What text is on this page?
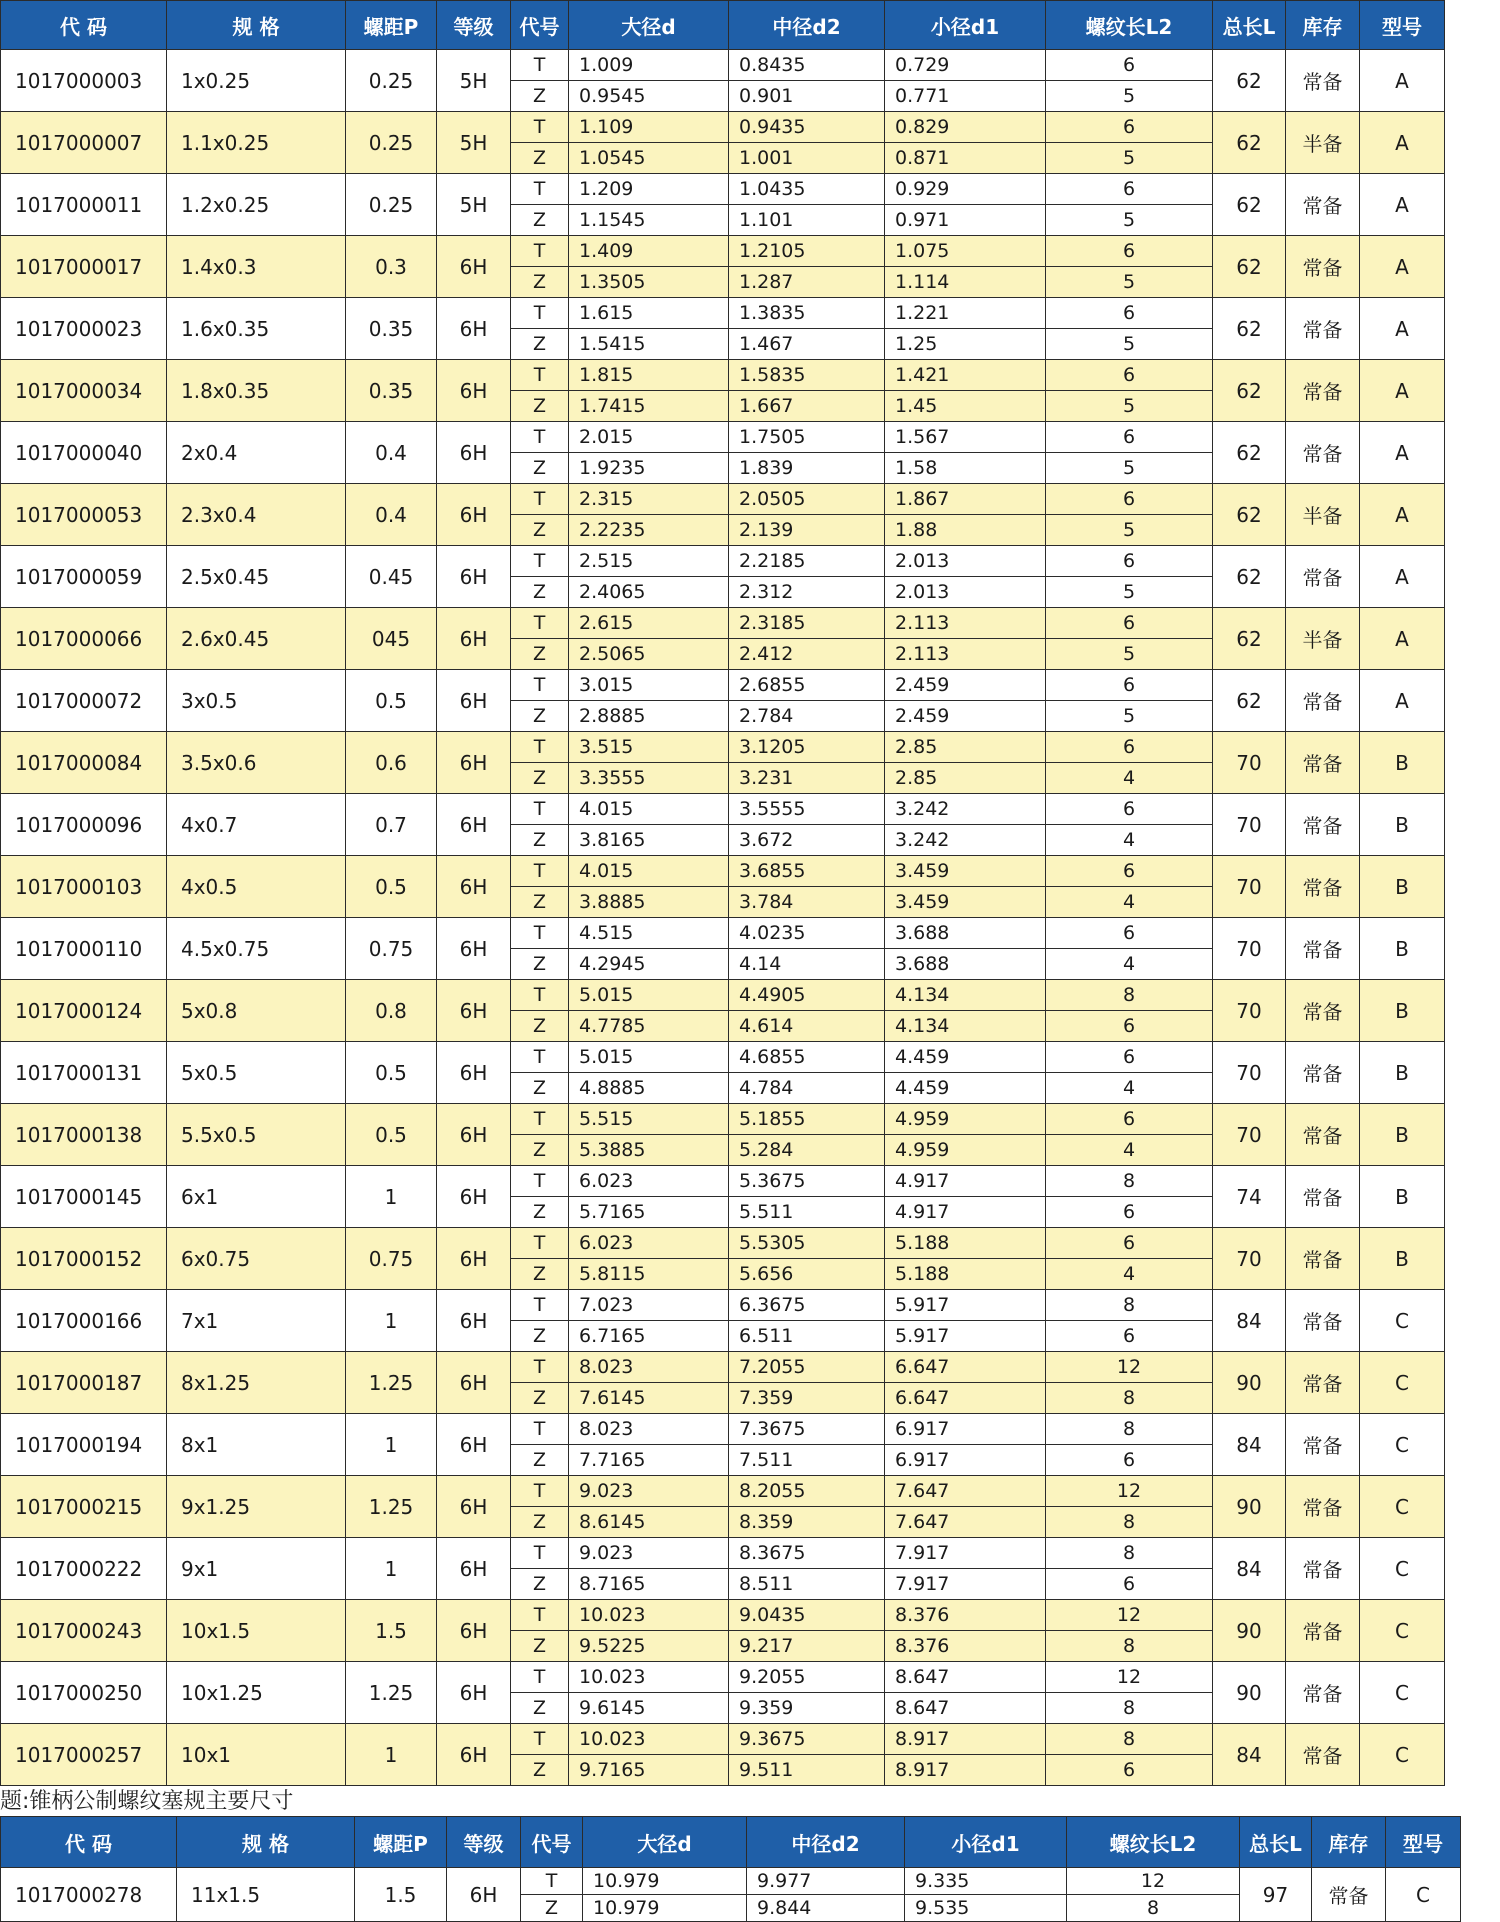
代 码	规 格	螺距P	等级	代号	大径d	中径d2	小径d1	螺纹长L2	总长L	库存	型号
1017000003	1x0.25	0.25	5H	T	1.009	0.8435	0.729	6	62	常备	A
				Z	0.9545	0.901	0.771	5			
1017000007	1.1x0.25	0.25	5H	T	1.109	0.9435	0.829	6	62	半备	A
				Z	1.0545	1.001	0.871	5			
1017000011	1.2x0.25	0.25	5H	T	1.209	1.0435	0.929	6	62	常备	A
				Z	1.1545	1.101	0.971	5			
1017000017	1.4x0.3	0.3	6H	T	1.409	1.2105	1.075	6	62	常备	A
				Z	1.3505	1.287	1.114	5			
1017000023	1.6x0.35	0.35	6H	T	1.615	1.3835	1.221	6	62	常备	A
				Z	1.5415	1.467	1.25	5			
1017000034	1.8x0.35	0.35	6H	T	1.815	1.5835	1.421	6	62	常备	A
				Z	1.7415	1.667	1.45	5			
1017000040	2x0.4	0.4	6H	T	2.015	1.7505	1.567	6	62	常备	A
				Z	1.9235	1.839	1.58	5			
1017000053	2.3x0.4	0.4	6H	T	2.315	2.0505	1.867	6	62	半备	A
				Z	2.2235	2.139	1.88	5			
1017000059	2.5x0.45	0.45	6H	T	2.515	2.2185	2.013	6	62	常备	A
				Z	2.4065	2.312	2.013	5			
1017000066	2.6x0.45	045	6H	T	2.615	2.3185	2.113	6	62	半备	A
				Z	2.5065	2.412	2.113	5			
1017000072	3x0.5	0.5	6H	T	3.015	2.6855	2.459	6	62	常备	A
				Z	2.8885	2.784	2.459	5			
1017000084	3.5x0.6	0.6	6H	T	3.515	3.1205	2.85	6	70	常备	B
				Z	3.3555	3.231	2.85	4			
1017000096	4x0.7	0.7	6H	T	4.015	3.5555	3.242	6	70	常备	B
				Z	3.8165	3.672	3.242	4			
1017000103	4x0.5	0.5	6H	T	4.015	3.6855	3.459	6	70	常备	B
				Z	3.8885	3.784	3.459	4			
1017000110	4.5x0.75	0.75	6H	T	4.515	4.0235	3.688	6	70	常备	B
				Z	4.2945	4.14	3.688	4			
1017000124	5x0.8	0.8	6H	T	5.015	4.4905	4.134	8	70	常备	B
				Z	4.7785	4.614	4.134	6			
1017000131	5x0.5	0.5	6H	T	5.015	4.6855	4.459	6	70	常备	B
				Z	4.8885	4.784	4.459	4			
1017000138	5.5x0.5	0.5	6H	T	5.515	5.1855	4.959	6	70	常备	B
				Z	5.3885	5.284	4.959	4			
1017000145	6x1	1	6H	T	6.023	5.3675	4.917	8	74	常备	B
				Z	5.7165	5.511	4.917	6			
1017000152	6x0.75	0.75	6H	T	6.023	5.5305	5.188	6	70	常备	B
				Z	5.8115	5.656	5.188	4			
1017000166	7x1	1	6H	T	7.023	6.3675	5.917	8	84	常备	C
				Z	6.7165	6.511	5.917	6			
1017000187	8x1.25	1.25	6H	T	8.023	7.2055	6.647	12	90	常备	C
				Z	7.6145	7.359	6.647	8			
1017000194	8x1	1	6H	T	8.023	7.3675	6.917	8	84	常备	C
				Z	7.7165	7.511	6.917	6			
1017000215	9x1.25	1.25	6H	T	9.023	8.2055	7.647	12	90	常备	C
				Z	8.6145	8.359	7.647	8			
1017000222	9x1	1	6H	T	9.023	8.3675	7.917	8	84	常备	C
				Z	8.7165	8.511	7.917	6			
1017000243	10x1.5	1.5	6H	T	10.023	9.0435	8.376	12	90	常备	C
				Z	9.5225	9.217	8.376	8			
1017000250	10x1.25	1.25	6H	T	10.023	9.2055	8.647	12	90	常备	C
				Z	9.6145	9.359	8.647	8			
1017000257	10x1	1	6H	T	10.023	9.3675	8.917	8	84	常备	C
				Z	9.7165	9.511	8.917	6			
题:锥柄公制螺纹塞规主要尺寸
代 码	规 格	螺距P	等级	代号	大径d	中径d2	小径d1	螺纹长L2	总长L	库存	型号
1017000278	11x1.5	1.5	6H	T	10.979	9.977	9.335	12	97	常备	C
				Z	10.979	9.844	9.535	8			
